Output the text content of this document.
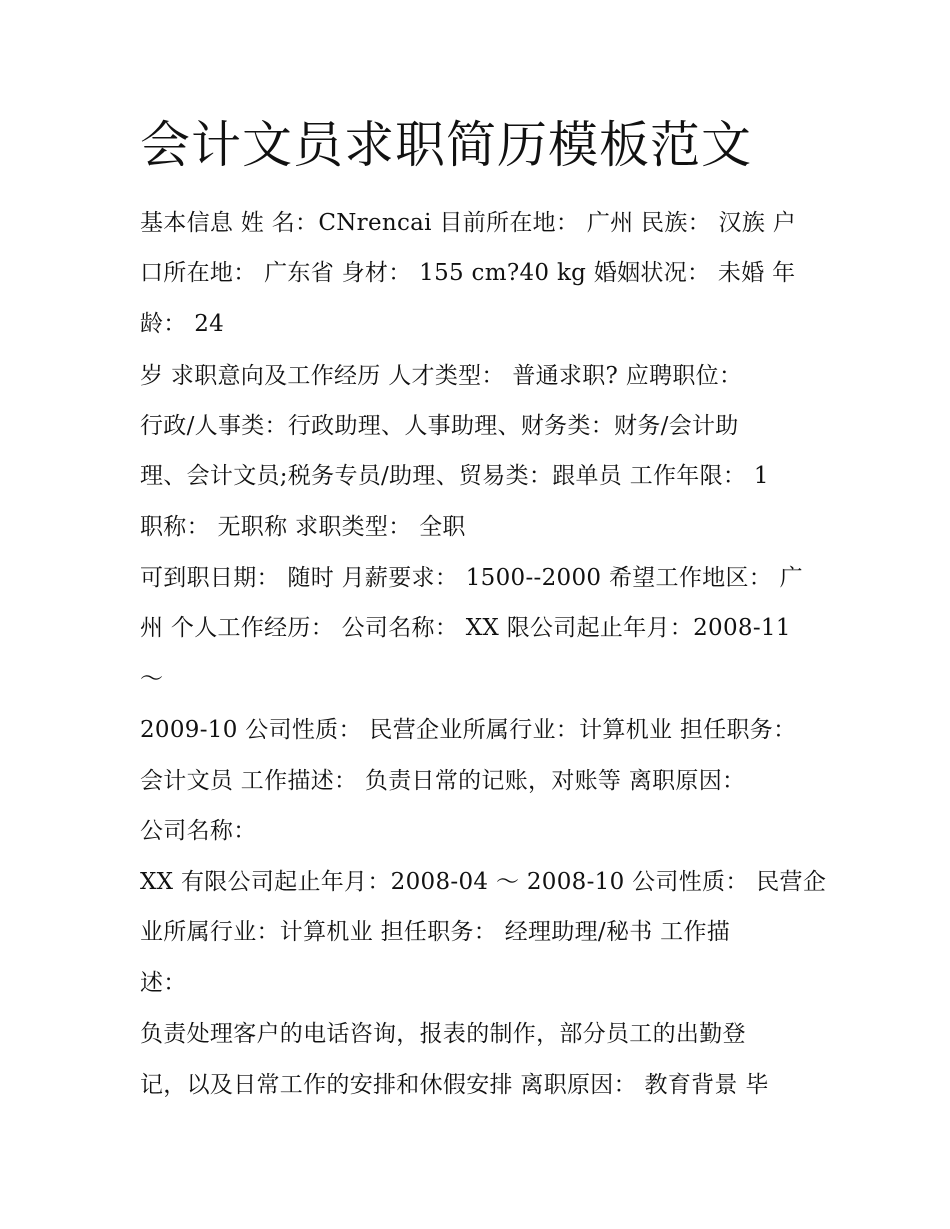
会计文员求职简历模板范文
基本信息 姓 名：CNrencai 目前所在地： 广州 民族： 汉族 户
口所在地： 广东省 身材： 155 cm?40 kg 婚姻状况： 未婚 年
龄： 24
岁 求职意向及工作经历 人才类型： 普通求职? 应聘职位：
行政/人事类：行政助理、人事助理、财务类：财务/会计助
理、会计文员;税务专员/助理、贸易类：跟单员 工作年限： 1
职称： 无职称 求职类型： 全职
可到职日期： 随时 月薪要求： 1500--2000 希望工作地区： 广
州 个人工作经历： 公司名称： XX 限公司起止年月：2008-11
～
2009-10 公司性质： 民营企业所属行业：计算机业 担任职务：
会计文员 工作描述： 负责日常的记账，对账等 离职原因：
公司名称：
XX 有限公司起止年月：2008-04 ～ 2008-10 公司性质： 民营企
业所属行业：计算机业 担任职务： 经理助理/秘书 工作描
述：
负责处理客户的电话咨询，报表的制作，部分员工的出勤登
记，以及日常工作的安排和休假安排 离职原因： 教育背景 毕
